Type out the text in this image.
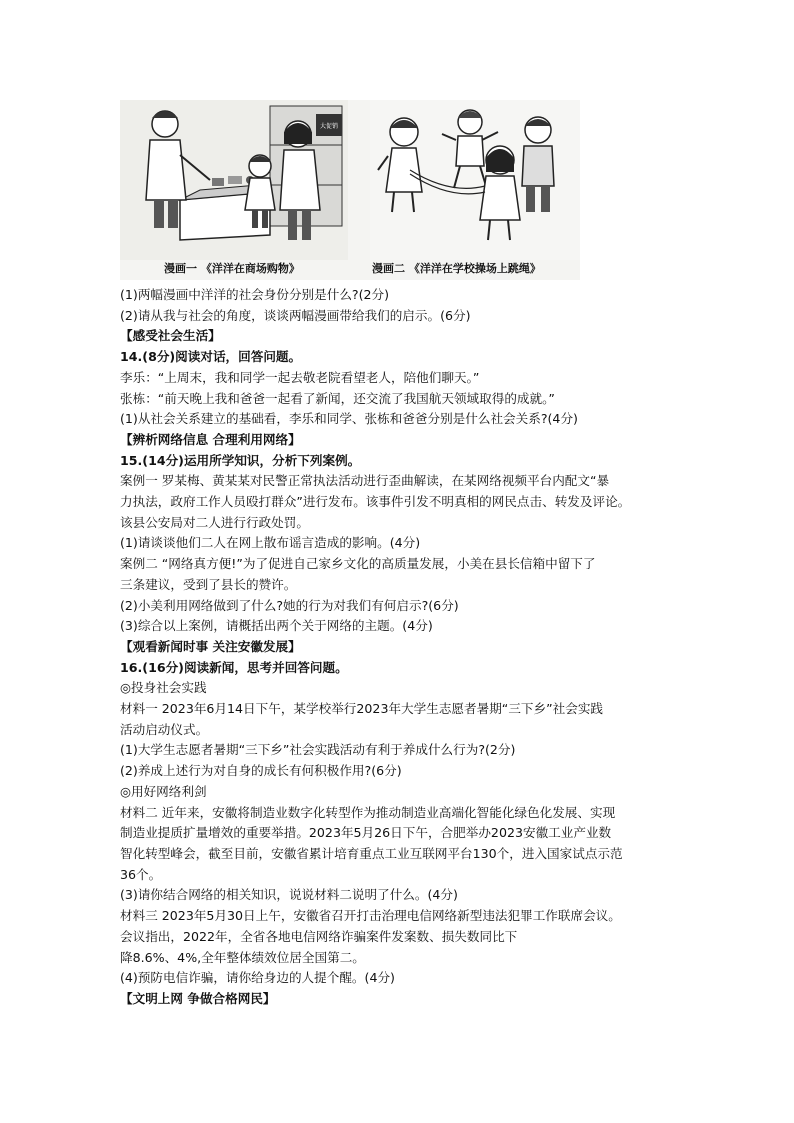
大促销
漫画一 《洋洋在商场购物》	漫画二 《洋洋在学校操场上跳绳》

(1)两幅漫画中洋洋的社会身份分别是什么?(2分)

(2)请从我与社会的角度，谈谈两幅漫画带给我们的启示。(6分)

【感受社会生活】

14.(8分)阅读对话，回答问题。

李乐：“上周末，我和同学一起去敬老院看望老人，陪他们聊天。”

张栋：“前天晚上我和爸爸一起看了新闻，还交流了我国航天领域取得的成就。”

(1)从社会关系建立的基础看，李乐和同学、张栋和爸爸分别是什么社会关系?(4分)

【辨析网络信息 合理利用网络】

15.(14分)运用所学知识，分析下列案例。

案例一 罗某梅、黄某某对民警正常执法活动进行歪曲解读，在某网络视频平台内配文“暴

力执法，政府工作人员殴打群众”进行发布。该事件引发不明真相的网民点击、转发及评论。

该县公安局对二人进行行政处罚。

(1)请谈谈他们二人在网上散布谣言造成的影响。(4分)

案例二 “网络真方便!”为了促进自己家乡文化的高质量发展，小美在县长信箱中留下了

三条建议，受到了县长的赞许。

(2)小美利用网络做到了什么?她的行为对我们有何启示?(6分)

(3)综合以上案例，请概括出两个关于网络的主题。(4分)

【观看新闻时事 关注安徽发展】

16.(16分)阅读新闻，思考并回答问题。

◎投身社会实践

材料一 2023年6月14日下午，某学校举行2023年大学生志愿者暑期“三下乡”社会实践

活动启动仪式。

(1)大学生志愿者暑期“三下乡”社会实践活动有利于养成什么行为?(2分)

(2)养成上述行为对自身的成长有何积极作用?(6分)

◎用好网络利剑

材料二 近年来，安徽将制造业数字化转型作为推动制造业高端化智能化绿色化发展、实现

制造业提质扩量增效的重要举措。2023年5月26日下午，合肥举办2023安徽工业产业数

智化转型峰会，截至目前，安徽省累计培育重点工业互联网平台130个，进入国家试点示范

36个。

(3)请你结合网络的相关知识，说说材料二说明了什么。(4分)

材料三 2023年5月30日上午，安徽省召开打击治理电信网络新型违法犯罪工作联席会议。

会议指出，2022年，全省各地电信网络诈骗案件发案数、损失数同比下

降8.6%、4%,全年整体绩效位居全国第二。

(4)预防电信诈骗，请你给身边的人提个醒。(4分)

【文明上网 争做合格网民】
